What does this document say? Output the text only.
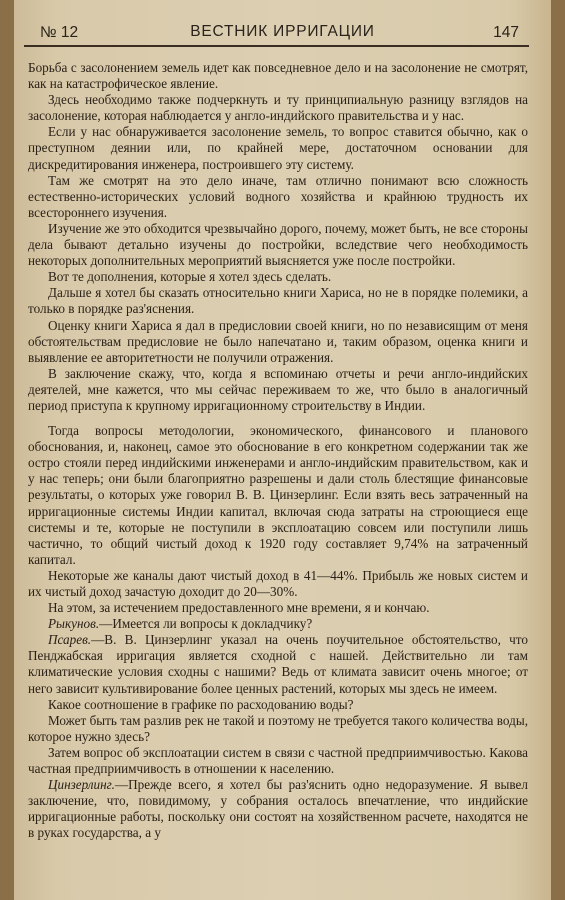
№ 12	ВЕСТНИК ИРРИГАЦИИ	147

Борьба с засолонением земель идет как повседневное дело и на засолонение не смотрят, как на катастрофическое явление.

Здесь необходимо также подчеркнуть и ту принципиальную разницу взглядов на засолонение, которая наблюдается у англо-индийского правительства и у нас.

Если у нас обнаруживается засолонение земель, то вопрос ставится обычно, как о преступном деянии или, по крайней мере, достаточном основании для дискредитирования инженера, построившего эту систему.

Там же смотрят на это дело иначе, там отлично понимают всю сложность естественно-исторических условий водного хозяйства и крайнюю трудность их всестороннего изучения.

Изучение же это обходится чрезвычайно дорого, почему, может быть, не все стороны дела бывают детально изучены до постройки, вследствие чего необходимость некоторых дополнительных мероприятий выясняется уже после постройки.

Вот те дополнения, которые я хотел здесь сделать.

Дальше я хотел бы сказать относительно книги Хариса, но не в порядке полемики, а только в порядке раз'яснения.

Оценку книги Хариса я дал в предисловии своей книги, но по независящим от меня обстоятельствам предисловие не было напечатано и, таким образом, оценка книги и выявление ее авторитетности не получили отражения.

В заключение скажу, что, когда я вспоминаю отчеты и речи англо-индийских деятелей, мне кажется, что мы сейчас переживаем то же, что было в аналогичный период приступа к крупному ирригационному строительству в Индии.

Тогда вопросы методологии, экономического, финансового и планового обоснования, и, наконец, самое это обоснование в его конкретном содержании так же остро стояли перед индийскими инженерами и англо-индийским правительством, как и у нас теперь; они были благоприятно разрешены и дали столь блестящие финансовые результаты, о которых уже говорил В. В. Цинзерлинг. Если взять весь затраченный на ирригационные системы Индии капитал, включая сюда затраты на строющиеся еще системы и те, которые не поступили в эксплоатацию совсем или поступили лишь частично, то общий чистый доход к 1920 году составляет 9,74% на затраченный капитал.

Некоторые же каналы дают чистый доход в 41—44%. Прибыль же новых систем и их чистый доход зачастую доходит до 20—30%.

На этом, за истечением предоставленного мне времени, я и кончаю.

Рыкунов.—Имеется ли вопросы к докладчику?

Псарев.—В. В. Цинзерлинг указал на очень поучительное обстоятельство, что Пенджабская ирригация является сходной с нашей. Действительно ли там климатические условия сходны с нашими? Ведь от климата зависит очень многое; от него зависит культивирование более ценных растений, которых мы здесь не имеем.

Какое соотношение в графике по расходованию воды?

Может быть там разлив рек не такой и поэтому не требуется такого количества воды, которое нужно здесь?

Затем вопрос об эксплоатации систем в связи с частной предприимчивостью. Какова частная предприимчивость в отношении к населению.

Цинзерлинг.—Прежде всего, я хотел бы раз'яснить одно недоразумение. Я вывел заключение, что, повидимому, у собрания осталось впечатление, что индийские ирригационные работы, поскольку они состоят на хозяйственном расчете, находятся не в руках государства, а у
